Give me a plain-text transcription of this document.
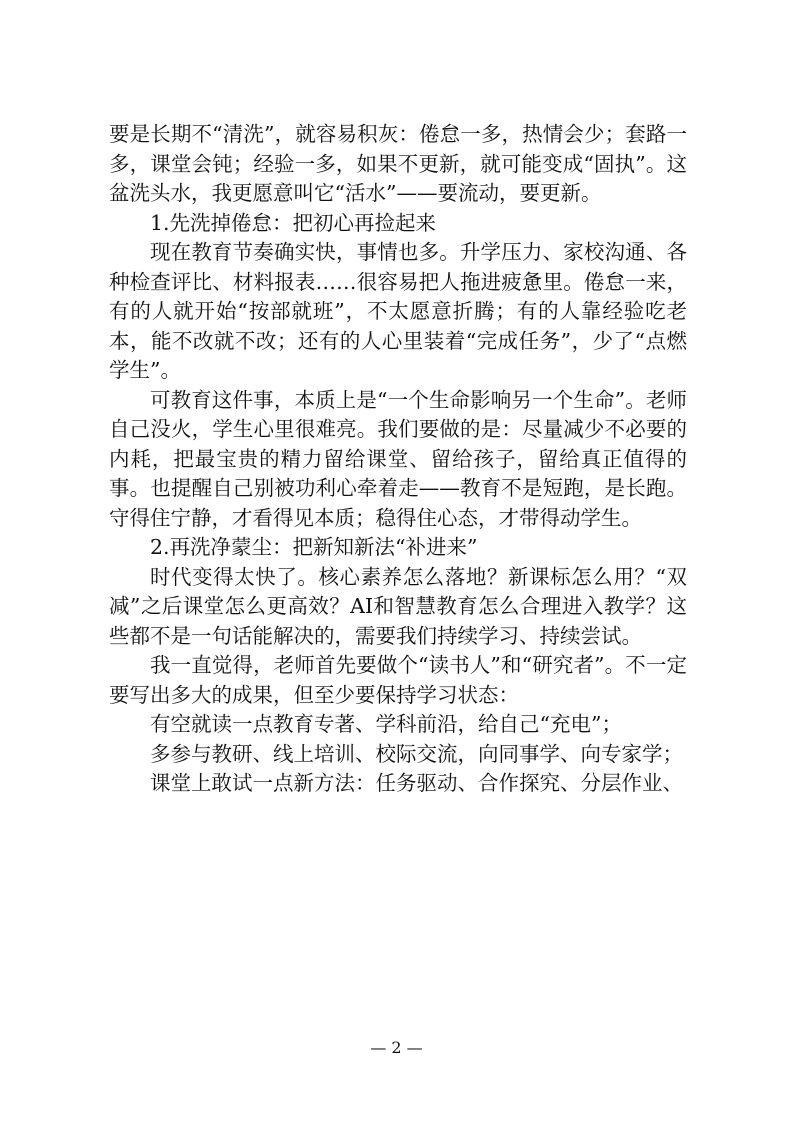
要是长期不“清洗”，就容易积灰：倦怠一多，热情会少；套路一多，课堂会钝；经验一多，如果不更新，就可能变成“固执”。这盆洗头水，我更愿意叫它“活水”——要流动，要更新。

1.先洗掉倦怠：把初心再捡起来

现在教育节奏确实快，事情也多。升学压力、家校沟通、各种检查评比、材料报表……很容易把人拖进疲惫里。倦怠一来，有的人就开始“按部就班”，不太愿意折腾；有的人靠经验吃老本，能不改就不改；还有的人心里装着“完成任务”，少了“点燃学生”。

可教育这件事，本质上是“一个生命影响另一个生命”。老师自己没火，学生心里很难亮。我们要做的是：尽量减少不必要的内耗，把最宝贵的精力留给课堂、留给孩子，留给真正值得的事。也提醒自己别被功利心牵着走——教育不是短跑，是长跑。守得住宁静，才看得见本质；稳得住心态，才带得动学生。

2.再洗净蒙尘：把新知新法“补进来”

时代变得太快了。核心素养怎么落地？新课标怎么用？“双减”之后课堂怎么更高效？AI和智慧教育怎么合理进入教学？这些都不是一句话能解决的，需要我们持续学习、持续尝试。

我一直觉得，老师首先要做个“读书人”和“研究者”。不一定要写出多大的成果，但至少要保持学习状态：

有空就读一点教育专著、学科前沿，给自己“充电”；

多参与教研、线上培训、校际交流，向同事学、向专家学；

课堂上敢试一点新方法：任务驱动、合作探究、分层作业、

— 2 —
